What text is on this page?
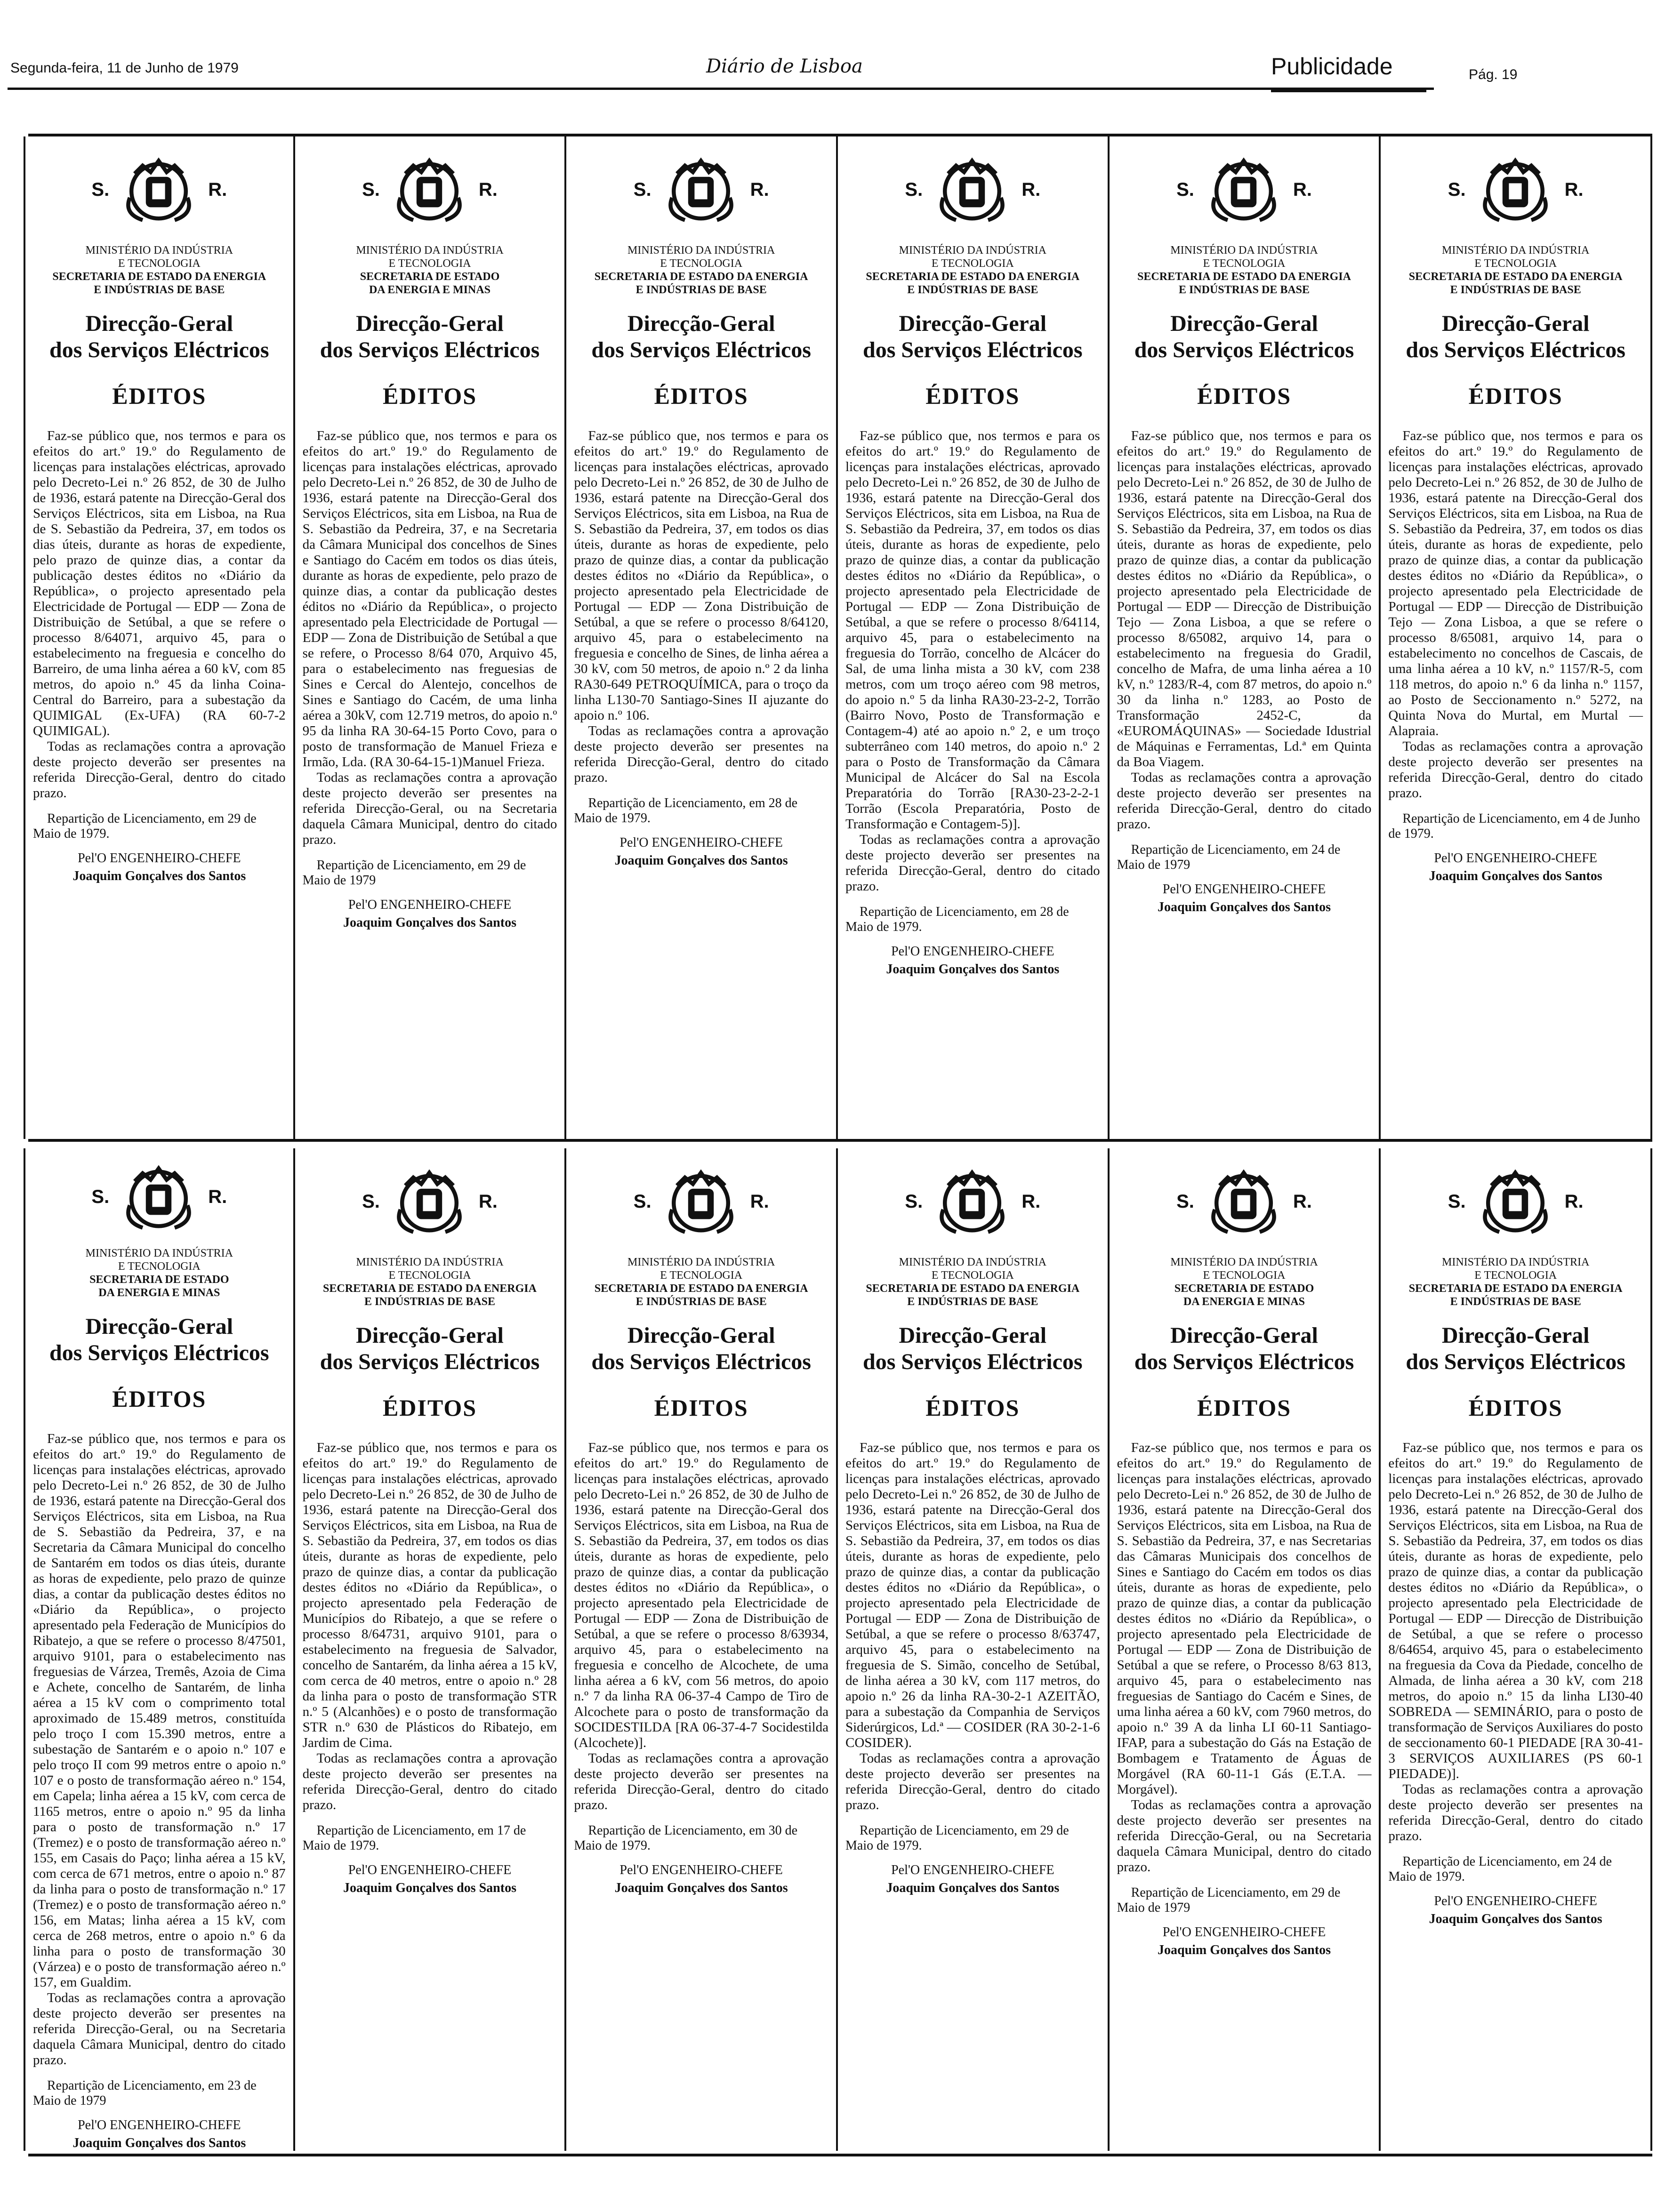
Segunda-feira, 11 de Junho de 1979	Diário de Lisboa	Publicidade	Pág. 19
S.	R.
MINISTÉRIO DA INDÚSTRIA
E TECNOLOGIA
SECRETARIA DE ESTADO DA ENERGIA
E INDÚSTRIAS DE BASE
Direcção-Geral
dos Serviços Eléctricos
ÉDITOS
Faz-se público que, nos termos e para os efeitos do art.º 19.º do Regulamento de licenças para instalações eléctricas, aprovado pelo Decreto-Lei n.º 26 852, de 30 de Julho de 1936, estará patente na Direcção-Geral dos Serviços Eléctricos, sita em Lisboa, na Rua de S. Sebastião da Pedreira, 37, em todos os dias úteis, durante as horas de expediente, pelo prazo de quinze dias, a contar da publicação destes éditos no «Diário da República», o projecto apresentado pela Electricidade de Portugal — EDP — Zona de Distribuição de Setúbal, a que se refere o processo 8/64071, arquivo 45, para o estabelecimento na freguesia e concelho do Barreiro, de uma linha aérea a 60 kV, com 85 metros, do apoio n.º 45 da linha Coina-Central do Barreiro, para a subestação da QUIMIGAL (Ex-UFA) (RA 60-7-2 QUIMIGAL).
Todas as reclamações contra a aprovação deste projecto deverão ser presentes na referida Direcção-Geral, dentro do citado prazo.
Repartição de Licenciamento, em 29 de Maio de 1979.
Pel'O ENGENHEIRO-CHEFE
Joaquim Gonçalves dos Santos
S.	R.
MINISTÉRIO DA INDÚSTRIA
E TECNOLOGIA
SECRETARIA DE ESTADO
DA ENERGIA E MINAS
Direcção-Geral
dos Serviços Eléctricos
ÉDITOS
Faz-se público que, nos termos e para os efeitos do art.º 19.º do Regulamento de licenças para instalações eléctricas, aprovado pelo Decreto-Lei n.º 26 852, de 30 de Julho de 1936, estará patente na Direcção-Geral dos Serviços Eléctricos, sita em Lisboa, na Rua de S. Sebastião da Pedreira, 37, e na Secretaria da Câmara Municipal dos concelhos de Sines e Santiago do Cacém em todos os dias úteis, durante as horas de expediente, pelo prazo de quinze dias, a contar da publicação destes éditos no «Diário da República», o projecto apresentado pela Electricidade de Portugal — EDP — Zona de Distribuição de Setúbal a que se refere, o Processo 8/64 070, Arquivo 45, para o estabelecimento nas freguesias de Sines e Cercal do Alentejo, concelhos de Sines e Santiago do Cacém, de uma linha aérea a 30kV, com 12.719 metros, do apoio n.º 95 da linha RA 30-64-15 Porto Covo, para o posto de transformação de Manuel Frieza e Irmão, Lda. (RA 30-64-15-1)Manuel Frieza.
Todas as reclamações contra a aprovação deste projecto deverão ser presentes na referida Direcção-Geral, ou na Secretaria daquela Câmara Municipal, dentro do citado prazo.
Repartição de Licenciamento, em 29 de Maio de 1979
Pel'O ENGENHEIRO-CHEFE
Joaquim Gonçalves dos Santos
S.	R.
MINISTÉRIO DA INDÚSTRIA
E TECNOLOGIA
SECRETARIA DE ESTADO DA ENERGIA
E INDÚSTRIAS DE BASE
Direcção-Geral
dos Serviços Eléctricos
ÉDITOS
Faz-se público que, nos termos e para os efeitos do art.º 19.º do Regulamento de licenças para instalações eléctricas, aprovado pelo Decreto-Lei n.º 26 852, de 30 de Julho de 1936, estará patente na Direcção-Geral dos Serviços Eléctricos, sita em Lisboa, na Rua de S. Sebastião da Pedreira, 37, em todos os dias úteis, durante as horas de expediente, pelo prazo de quinze dias, a contar da publicação destes éditos no «Diário da República», o projecto apresentado pela Electricidade de Portugal — EDP — Zona Distribuição de Setúbal, a que se refere o processo 8/64120, arquivo 45, para o estabelecimento na freguesia e concelho de Sines, de linha aérea a 30 kV, com 50 metros, de apoio n.º 2 da linha RA30-649 PETROQUÍMICA, para o troço da linha L130-70 Santiago-Sines II ajuzante do apoio n.º 106.
Todas as reclamações contra a aprovação deste projecto deverão ser presentes na referida Direcção-Geral, dentro do citado prazo.
Repartição de Licenciamento, em 28 de Maio de 1979.
Pel'O ENGENHEIRO-CHEFE
Joaquim Gonçalves dos Santos
S.	R.
MINISTÉRIO DA INDÚSTRIA
E TECNOLOGIA
SECRETARIA DE ESTADO DA ENERGIA
E INDÚSTRIAS DE BASE
Direcção-Geral
dos Serviços Eléctricos
ÉDITOS
Faz-se público que, nos termos e para os efeitos do art.º 19.º do Regulamento de licenças para instalações eléctricas, aprovado pelo Decreto-Lei n.º 26 852, de 30 de Julho de 1936, estará patente na Direcção-Geral dos Serviços Eléctricos, sita em Lisboa, na Rua de S. Sebastião da Pedreira, 37, em todos os dias úteis, durante as horas de expediente, pelo prazo de quinze dias, a contar da publicação destes éditos no «Diário da República», o projecto apresentado pela Electricidade de Portugal — EDP — Zona Distribuição de Setúbal, a que se refere o processo 8/64114, arquivo 45, para o estabelecimento na freguesia do Torrão, concelho de Alcácer do Sal, de uma linha mista a 30 kV, com 238 metros, com um troço aéreo com 98 metros, do apoio n.º 5 da linha RA30-23-2-2, Torrão (Bairro Novo, Posto de Transformação e Contagem-4) até ao apoio n.º 2, e um troço subterrâneo com 140 metros, do apoio n.º 2 para o Posto de Transformação da Câmara Municipal de Alcácer do Sal na Escola Preparatória do Torrão [RA30-23-2-2-1 Torrão (Escola Preparatória, Posto de Transformação e Contagem-5)].
Todas as reclamações contra a aprovação deste projecto deverão ser presentes na referida Direcção-Geral, dentro do citado prazo.
Repartição de Licenciamento, em 28 de Maio de 1979.
Pel'O ENGENHEIRO-CHEFE
Joaquim Gonçalves dos Santos
S.	R.
MINISTÉRIO DA INDÚSTRIA
E TECNOLOGIA
SECRETARIA DE ESTADO DA ENERGIA
E INDÚSTRIAS DE BASE
Direcção-Geral
dos Serviços Eléctricos
ÉDITOS
Faz-se público que, nos termos e para os efeitos do art.º 19.º do Regulamento de licenças para instalações eléctricas, aprovado pelo Decreto-Lei n.º 26 852, de 30 de Julho de 1936, estará patente na Direcção-Geral dos Serviços Eléctricos, sita em Lisboa, na Rua de S. Sebastião da Pedreira, 37, em todos os dias úteis, durante as horas de expediente, pelo prazo de quinze dias, a contar da publicação destes éditos no «Diário da República», o projecto apresentado pela Electricidade de Portugal — EDP — Direcção de Distribuição Tejo — Zona Lisboa, a que se refere o processo 8/65082, arquivo 14, para o estabelecimento na freguesia do Gradil, concelho de Mafra, de uma linha aérea a 10 kV, n.º 1283/R-4, com 87 metros, do apoio n.º 30 da linha n.º 1283, ao Posto de Transformação 2452-C, da «EUROMÁQUINAS» — Sociedade Idustrial de Máquinas e Ferramentas, Ld.ª em Quinta da Boa Viagem.
Todas as reclamações contra a aprovação deste projecto deverão ser presentes na referida Direcção-Geral, dentro do citado prazo.
Repartição de Licenciamento, em 24 de Maio de 1979
Pel'O ENGENHEIRO-CHEFE
Joaquim Gonçalves dos Santos
S.	R.
MINISTÉRIO DA INDÚSTRIA
E TECNOLOGIA
SECRETARIA DE ESTADO DA ENERGIA
E INDÚSTRIAS DE BASE
Direcção-Geral
dos Serviços Eléctricos
ÉDITOS
Faz-se público que, nos termos e para os efeitos do art.º 19.º do Regulamento de licenças para instalações eléctricas, aprovado pelo Decreto-Lei n.º 26 852, de 30 de Julho de 1936, estará patente na Direcção-Geral dos Serviços Eléctricos, sita em Lisboa, na Rua de S. Sebastião da Pedreira, 37, em todos os dias úteis, durante as horas de expediente, pelo prazo de quinze dias, a contar da publicação destes éditos no «Diário da República», o projecto apresentado pela Electricidade de Portugal — EDP — Direcção de Distribuição Tejo — Zona Lisboa, a que se refere o processo 8/65081, arquivo 14, para o estabelecimento no concelhos de Cascais, de uma linha aérea a 10 kV, n.º 1157/R-5, com 118 metros, do apoio n.º 6 da linha n.º 1157, ao Posto de Seccionamento n.º 5272, na Quinta Nova do Murtal, em Murtal — Alapraia.
Todas as reclamações contra a aprovação deste projecto deverão ser presentes na referida Direcção-Geral, dentro do citado prazo.
Repartição de Licenciamento, em 4 de Junho de 1979.
Pel'O ENGENHEIRO-CHEFE
Joaquim Gonçalves dos Santos
S.	R.
MINISTÉRIO DA INDÚSTRIA
E TECNOLOGIA
SECRETARIA DE ESTADO
DA ENERGIA E MINAS
Direcção-Geral
dos Serviços Eléctricos
ÉDITOS
Faz-se público que, nos termos e para os efeitos do art.º 19.º do Regulamento de licenças para instalações eléctricas, aprovado pelo Decreto-Lei n.º 26 852, de 30 de Julho de 1936, estará patente na Direcção-Geral dos Serviços Eléctricos, sita em Lisboa, na Rua de S. Sebastião da Pedreira, 37, e na Secretaria da Câmara Municipal do concelho de Santarém em todos os dias úteis, durante as horas de expediente, pelo prazo de quinze dias, a contar da publicação destes éditos no «Diário da República», o projecto apresentado pela Federação de Municípios do Ribatejo, a que se refere o processo 8/47501, arquivo 9101, para o estabelecimento nas freguesias de Várzea, Tremês, Azoia de Cima e Achete, concelho de Santarém, de linha aérea a 15 kV com o comprimento total aproximado de 15.489 metros, constituída pelo troço I com 15.390 metros, entre a subestação de Santarém e o apoio n.º 107 e pelo troço II com 99 metros entre o apoio n.º 107 e o posto de transformação aéreo n.º 154, em Capela; linha aérea a 15 kV, com cerca de 1165 metros, entre o apoio n.º 95 da linha para o posto de transformação n.º 17 (Tremez) e o posto de transformação aéreo n.º 155, em Casais do Paço; linha aérea a 15 kV, com cerca de 671 metros, entre o apoio n.º 87 da linha para o posto de transformação n.º 17 (Tremez) e o posto de transformação aéreo n.º 156, em Matas; linha aérea a 15 kV, com cerca de 268 metros, entre o apoio n.º 6 da linha para o posto de transformação 30 (Várzea) e o posto de transformação aéreo n.º 157, em Gualdim.
Todas as reclamações contra a aprovação deste projecto deverão ser presentes na referida Direcção-Geral, ou na Secretaria daquela Câmara Municipal, dentro do citado prazo.
Repartição de Licenciamento, em 23 de Maio de 1979
Pel'O ENGENHEIRO-CHEFE
Joaquim Gonçalves dos Santos
S.	R.
MINISTÉRIO DA INDÚSTRIA
E TECNOLOGIA
SECRETARIA DE ESTADO DA ENERGIA
E INDÚSTRIAS DE BASE
Direcção-Geral
dos Serviços Eléctricos
ÉDITOS
Faz-se público que, nos termos e para os efeitos do art.º 19.º do Regulamento de licenças para instalações eléctricas, aprovado pelo Decreto-Lei n.º 26 852, de 30 de Julho de 1936, estará patente na Direcção-Geral dos Serviços Eléctricos, sita em Lisboa, na Rua de S. Sebastião da Pedreira, 37, em todos os dias úteis, durante as horas de expediente, pelo prazo de quinze dias, a contar da publicação destes éditos no «Diário da República», o projecto apresentado pela Federação de Municípios do Ribatejo, a que se refere o processo 8/64731, arquivo 9101, para o estabelecimento na freguesia de Salvador, concelho de Santarém, da linha aérea a 15 kV, com cerca de 40 metros, entre o apoio n.º 28 da linha para o posto de transformação STR n.º 5 (Alcanhões) e o posto de transformação STR n.º 630 de Plásticos do Ribatejo, em Jardim de Cima.
Todas as reclamações contra a aprovação deste projecto deverão ser presentes na referida Direcção-Geral, dentro do citado prazo.
Repartição de Licenciamento, em 17 de Maio de 1979.
Pel'O ENGENHEIRO-CHEFE
Joaquim Gonçalves dos Santos
S.	R.
MINISTÉRIO DA INDÚSTRIA
E TECNOLOGIA
SECRETARIA DE ESTADO DA ENERGIA
E INDÚSTRIAS DE BASE
Direcção-Geral
dos Serviços Eléctricos
ÉDITOS
Faz-se público que, nos termos e para os efeitos do art.º 19.º do Regulamento de licenças para instalações eléctricas, aprovado pelo Decreto-Lei n.º 26 852, de 30 de Julho de 1936, estará patente na Direcção-Geral dos Serviços Eléctricos, sita em Lisboa, na Rua de S. Sebastião da Pedreira, 37, em todos os dias úteis, durante as horas de expediente, pelo prazo de quinze dias, a contar da publicação destes éditos no «Diário da República», o projecto apresentado pela Electricidade de Portugal — EDP — Zona de Distribuição de Setúbal, a que se refere o processo 8/63934, arquivo 45, para o estabelecimento na freguesia e concelho de Alcochete, de uma linha aérea a 6 kV, com 56 metros, do apoio n.º 7 da linha RA 06-37-4 Campo de Tiro de Alcochete para o posto de transformação da SOCIDESTILDA [RA 06-37-4-7 Socidestilda (Alcochete)].
Todas as reclamações contra a aprovação deste projecto deverão ser presentes na referida Direcção-Geral, dentro do citado prazo.
Repartição de Licenciamento, em 30 de Maio de 1979.
Pel'O ENGENHEIRO-CHEFE
Joaquim Gonçalves dos Santos
S.	R.
MINISTÉRIO DA INDÚSTRIA
E TECNOLOGIA
SECRETARIA DE ESTADO DA ENERGIA
E INDÚSTRIAS DE BASE
Direcção-Geral
dos Serviços Eléctricos
ÉDITOS
Faz-se público que, nos termos e para os efeitos do art.º 19.º do Regulamento de licenças para instalações eléctricas, aprovado pelo Decreto-Lei n.º 26 852, de 30 de Julho de 1936, estará patente na Direcção-Geral dos Serviços Eléctricos, sita em Lisboa, na Rua de S. Sebastião da Pedreira, 37, em todos os dias úteis, durante as horas de expediente, pelo prazo de quinze dias, a contar da publicação destes éditos no «Diário da República», o projecto apresentado pela Electricidade de Portugal — EDP — Zona de Distribuição de Setúbal, a que se refere o processo 8/63747, arquivo 45, para o estabelecimento na freguesia de S. Simão, concelho de Setúbal, de linha aérea a 30 kV, com 117 metros, do apoio n.º 26 da linha RA-30-2-1 AZEITÃO, para a subestação da Companhia de Serviços Siderúrgicos, Ld.ª — COSIDER (RA 30-2-1-6 COSIDER).
Todas as reclamações contra a aprovação deste projecto deverão ser presentes na referida Direcção-Geral, dentro do citado prazo.
Repartição de Licenciamento, em 29 de Maio de 1979.
Pel'O ENGENHEIRO-CHEFE
Joaquim Gonçalves dos Santos
S.	R.
MINISTÉRIO DA INDÚSTRIA
E TECNOLOGIA
SECRETARIA DE ESTADO
DA ENERGIA E MINAS
Direcção-Geral
dos Serviços Eléctricos
ÉDITOS
Faz-se público que, nos termos e para os efeitos do art.º 19.º do Regulamento de licenças para instalações eléctricas, aprovado pelo Decreto-Lei n.º 26 852, de 30 de Julho de 1936, estará patente na Direcção-Geral dos Serviços Eléctricos, sita em Lisboa, na Rua de S. Sebastião da Pedreira, 37, e nas Secretarias das Câmaras Municipais dos concelhos de Sines e Santiago do Cacém em todos os dias úteis, durante as horas de expediente, pelo prazo de quinze dias, a contar da publicação destes éditos no «Diário da República», o projecto apresentado pela Electricidade de Portugal — EDP — Zona de Distribuição de Setúbal a que se refere, o Processo 8/63 813, arquivo 45, para o estabelecimento nas freguesias de Santiago do Cacém e Sines, de uma linha aérea a 60 kV, com 7960 metros, do apoio n.º 39 A da linha LI 60-11 Santiago-IFAP, para a subestação do Gás na Estação de Bombagem e Tratamento de Águas de Morgável (RA 60-11-1 Gás (E.T.A. — Morgável).
Todas as reclamações contra a aprovação deste projecto deverão ser presentes na referida Direcção-Geral, ou na Secretaria daquela Câmara Municipal, dentro do citado prazo.
Repartição de Licenciamento, em 29 de Maio de 1979
Pel'O ENGENHEIRO-CHEFE
Joaquim Gonçalves dos Santos
S.	R.
MINISTÉRIO DA INDÚSTRIA
E TECNOLOGIA
SECRETARIA DE ESTADO DA ENERGIA
E INDÚSTRIAS DE BASE
Direcção-Geral
dos Serviços Eléctricos
ÉDITOS
Faz-se público que, nos termos e para os efeitos do art.º 19.º do Regulamento de licenças para instalações eléctricas, aprovado pelo Decreto-Lei n.º 26 852, de 30 de Julho de 1936, estará patente na Direcção-Geral dos Serviços Eléctricos, sita em Lisboa, na Rua de S. Sebastião da Pedreira, 37, em todos os dias úteis, durante as horas de expediente, pelo prazo de quinze dias, a contar da publicação destes éditos no «Diário da República», o projecto apresentado pela Electricidade de Portugal — EDP — Direcção de Distribuição de Setúbal, a que se refere o processo 8/64654, arquivo 45, para o estabelecimento na freguesia da Cova da Piedade, concelho de Almada, de linha aérea a 30 kV, com 218 metros, do apoio n.º 15 da linha LI30-40 SOBREDA — SEMINÁRIO, para o posto de transformação de Serviços Auxiliares do posto de seccionamento 60-1 PIEDADE [RA 30-41-3 SERVIÇOS AUXILIARES (PS 60-1 PIEDADE)].
Todas as reclamações contra a aprovação deste projecto deverão ser presentes na referida Direcção-Geral, dentro do citado prazo.
Repartição de Licenciamento, em 24 de Maio de 1979.
Pel'O ENGENHEIRO-CHEFE
Joaquim Gonçalves dos Santos
